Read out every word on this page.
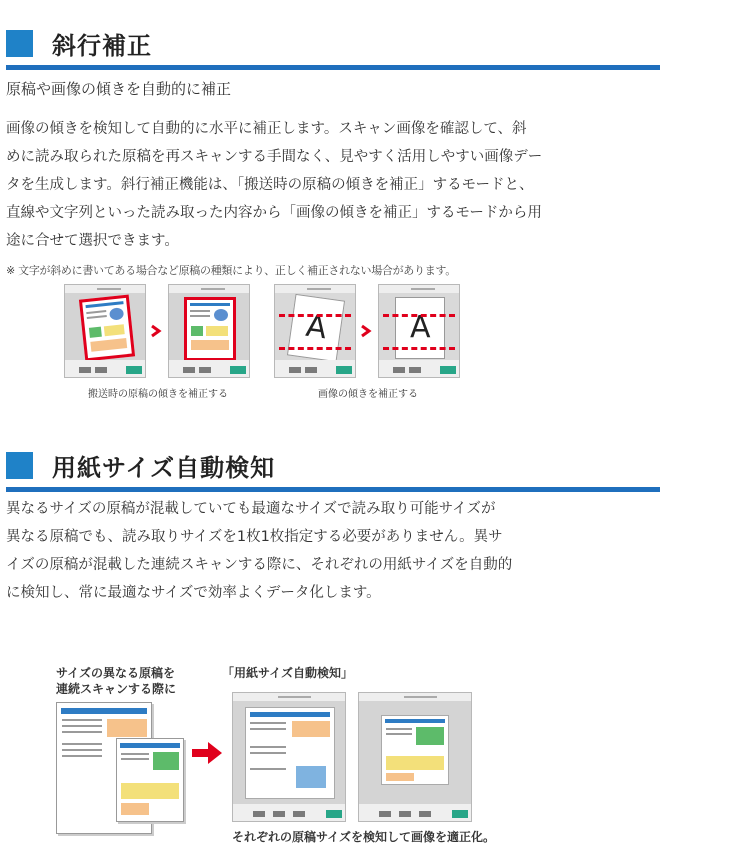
斜行補正
原稿や画像の傾きを自動的に補正
画像の傾きを検知して自動的に水平に補正します。スキャン画像を確認して、斜
めに読み取られた原稿を再スキャンする手間なく、見やすく活用しやすい画像デー
タを生成します。斜行補正機能は、「搬送時の原稿の傾きを補正」するモードと、
直線や文字列といった読み取った内容から「画像の傾きを補正」するモードから用
途に合せて選択できます。
※ 文字が斜めに書いてある場合など原稿の種類により、正しく補正されない場合があります。
A	A
搬送時の原稿の傾きを補正する	画像の傾きを補正する
用紙サイズ自動検知
異なるサイズの原稿が混載していても最適なサイズで読み取り可能サイズが
異なる原稿でも、読み取りサイズを1枚1枚指定する必要がありません。異サ
イズの原稿が混載した連続スキャンする際に、それぞれの用紙サイズを自動的
に検知し、常に最適なサイズで効率よくデータ化します。
サイズの異なる原稿を
連続スキャンする際に
「用紙サイズ自動検知」
それぞれの原稿サイズを検知して画像を適正化。
